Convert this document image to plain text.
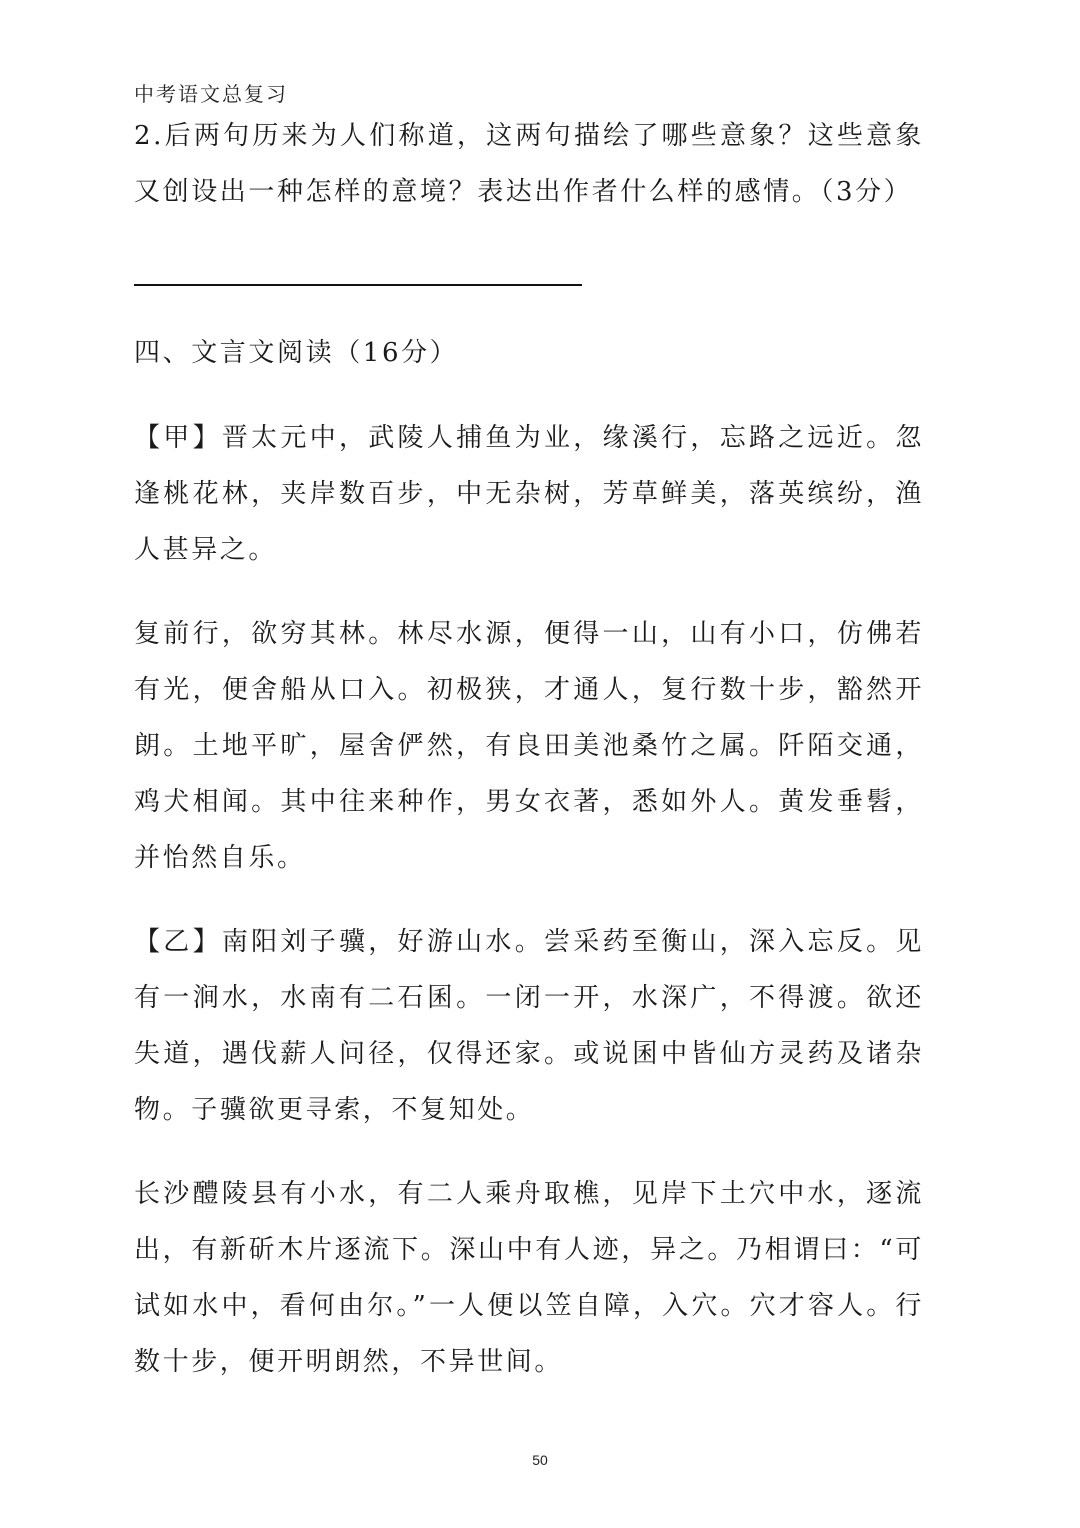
中考语文总复习
2.后两句历来为人们称道，这两句描绘了哪些意象？这些意象又创设出一种怎样的意境？表达出作者什么样的感情。（3分）
四、文言文阅读（16分）
【甲】晋太元中，武陵人捕鱼为业，缘溪行，忘路之远近。忽逢桃花林，夹岸数百步，中无杂树，芳草鲜美，落英缤纷，渔人甚异之。
复前行，欲穷其林。林尽水源，便得一山，山有小口，仿佛若有光，便舍船从口入。初极狭，才通人，复行数十步，豁然开朗。土地平旷，屋舍俨然，有良田美池桑竹之属。阡陌交通，鸡犬相闻。其中往来种作，男女衣著，悉如外人。黄发垂髫，并怡然自乐。
【乙】南阳刘子骥，好游山水。尝采药至衡山，深入忘反。见有一涧水，水南有二石囷。一闭一开，水深广，不得渡。欲还失道，遇伐薪人问径，仅得还家。或说囷中皆仙方灵药及诸杂物。子骥欲更寻索，不复知处。
长沙醴陵县有小水，有二人乘舟取樵，见岸下土穴中水，逐流出，有新斫木片逐流下。深山中有人迹，异之。乃相谓曰：“可试如水中，看何由尔。”一人便以笠自障，入穴。穴才容人。行数十步，便开明朗然，不异世间。
50
